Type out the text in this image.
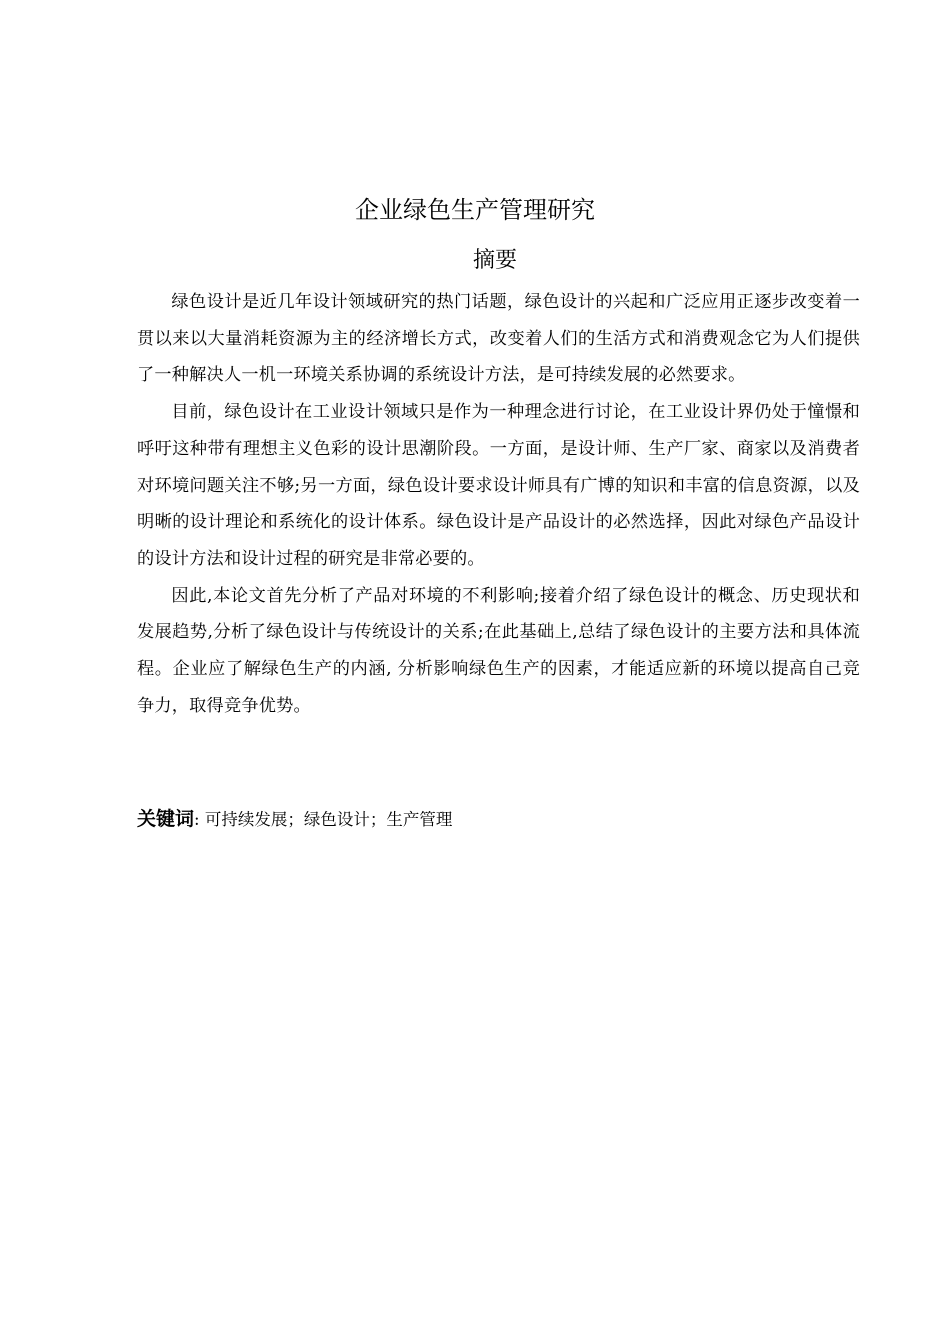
企业绿色生产管理研究
摘要

绿色设计是近几年设计领域研究的热门话题，绿色设计的兴起和广泛应用正逐步改变着一贯以来以大量消耗资源为主的经济增长方式，改变着人们的生活方式和消费观念它为人们提供了一种解决人一机一环境关系协调的系统设计方法，是可持续发展的必然要求。

目前，绿色设计在工业设计领域只是作为一种理念进行讨论，在工业设计界仍处于憧憬和呼吁这种带有理想主义色彩的设计思潮阶段。一方面，是设计师、生产厂家、商家以及消费者对环境问题关注不够;另一方面，绿色设计要求设计师具有广博的知识和丰富的信息资源，以及明晰的设计理论和系统化的设计体系。绿色设计是产品设计的必然选择，因此对绿色产品设计的设计方法和设计过程的研究是非常必要的。

因此,本论文首先分析了产品对环境的不利影响;接着介绍了绿色设计的概念、历史现状和发展趋势,分析了绿色设计与传统设计的关系;在此基础上,总结了绿色设计的主要方法和具体流程。企业应了解绿色生产的内涵, 分析影响绿色生产的因素，才能适应新的环境以提高自己竞争力，取得竞争优势。

关键词: 可持续发展；绿色设计；生产管理
